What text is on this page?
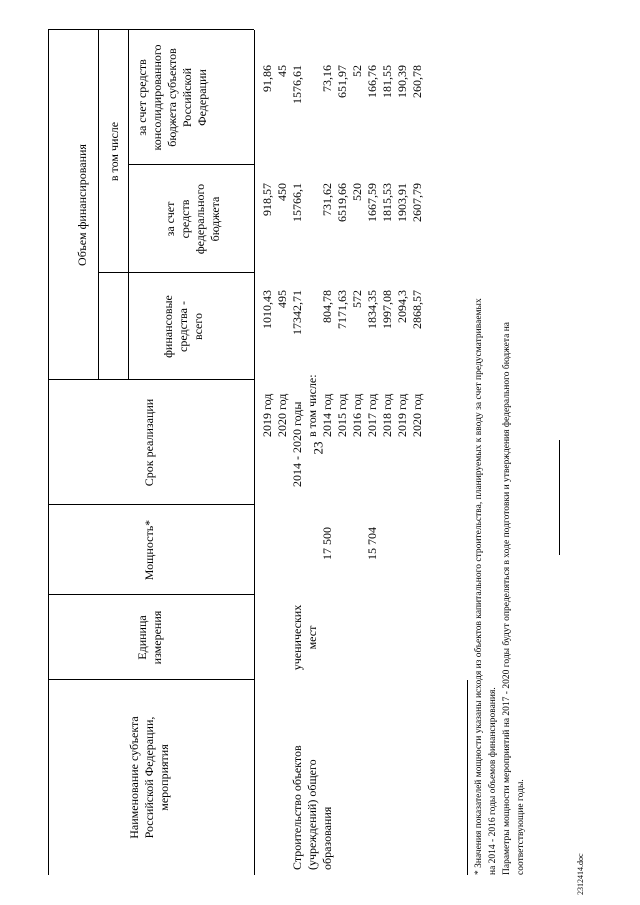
23
Наименование субъекта Российской Федерации, мероприятия
Единица измерения
Мощность*
Срок реализации
Объем финансирования
финансовые средства - всего
в том числе
за счет средств федерального бюджета
за счет средств консолидированного бюджета субъектов Российской Федерации
2019 год
1010,43
918,57
91,86
2020 год
495
450
45
2014 - 2020 годы
17342,71
15766,1
1576,61
Строительство объектов (учреждений) общего образования
ученических мест
17 500	15 704
в том числе: 2014 год
804,78
731,62
73,16
2015 год
7171,63
6519,66
651,97
2016 год
572
520
52
2017 год
1834,35
1667,59
166,76
2018 год
1997,08
1815,53
181,55
2019 год
2094,3
1903,91
190,39
2020 год
2868,57
2607,79
260,78
* Значения показателей мощности указаны исходя из объектов капитального строительства, планируемых к вводу за счет предусматриваемых на 2014 - 2016 годы объемов финансирования. Параметры мощности мероприятий на 2017 - 2020 годы будут определяться в ходе подготовки и утверждения федерального бюджета на соответствующие годы.	2312414.doc
